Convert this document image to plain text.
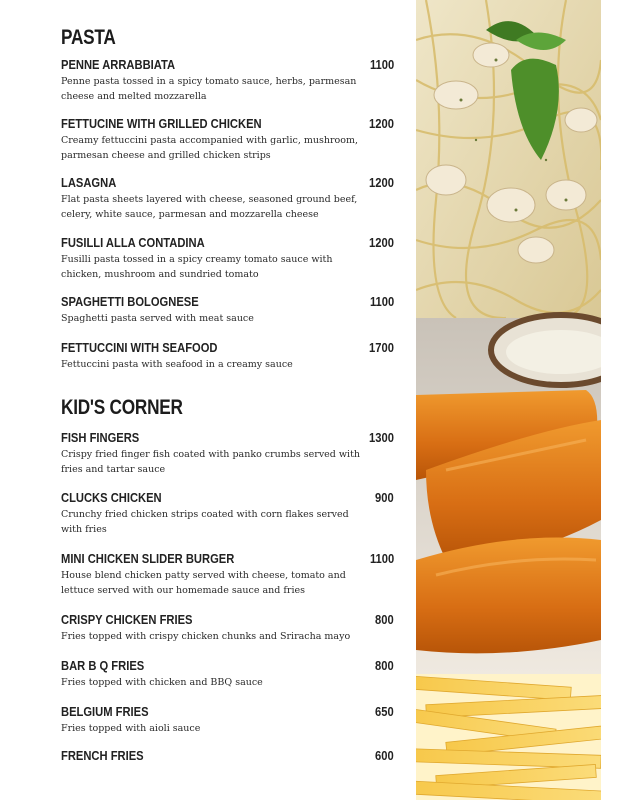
PASTA
PENNE ARRABBIATA	1100
Penne pasta tossed in a spicy tomato sauce, herbs, parmesan cheese and melted mozzarella
FETTUCINE WITH GRILLED CHICKEN	1200
Creamy fettuccini pasta accompanied with garlic, mushroom, parmesan cheese and grilled chicken strips
LASAGNA	1200
Flat pasta sheets layered with cheese, seasoned ground beef, celery, white sauce, parmesan and mozzarella cheese
FUSILLI ALLA CONTADINA	1200
Fusilli pasta tossed in a spicy creamy tomato sauce with chicken, mushroom and sundried tomato
SPAGHETTI BOLOGNESE	1100
Spaghetti pasta served with meat sauce
FETTUCCINI WITH SEAFOOD	1700
Fettuccini pasta with seafood in a creamy sauce
KID'S CORNER
FISH FINGERS	1300
Crispy fried finger fish coated with panko crumbs served with fries and tartar sauce
CLUCKS CHICKEN	900
Crunchy fried chicken strips coated with corn flakes served with fries
MINI CHICKEN SLIDER BURGER	1100
House blend chicken patty served with cheese, tomato and lettuce served with our homemade sauce and fries
CRISPY CHICKEN FRIES	800
Fries topped with crispy chicken chunks and Sriracha mayo
BAR B Q FRIES	800
Fries topped with chicken and BBQ sauce
BELGIUM FRIES	650
Fries topped with aioli sauce
FRENCH FRIES	600
